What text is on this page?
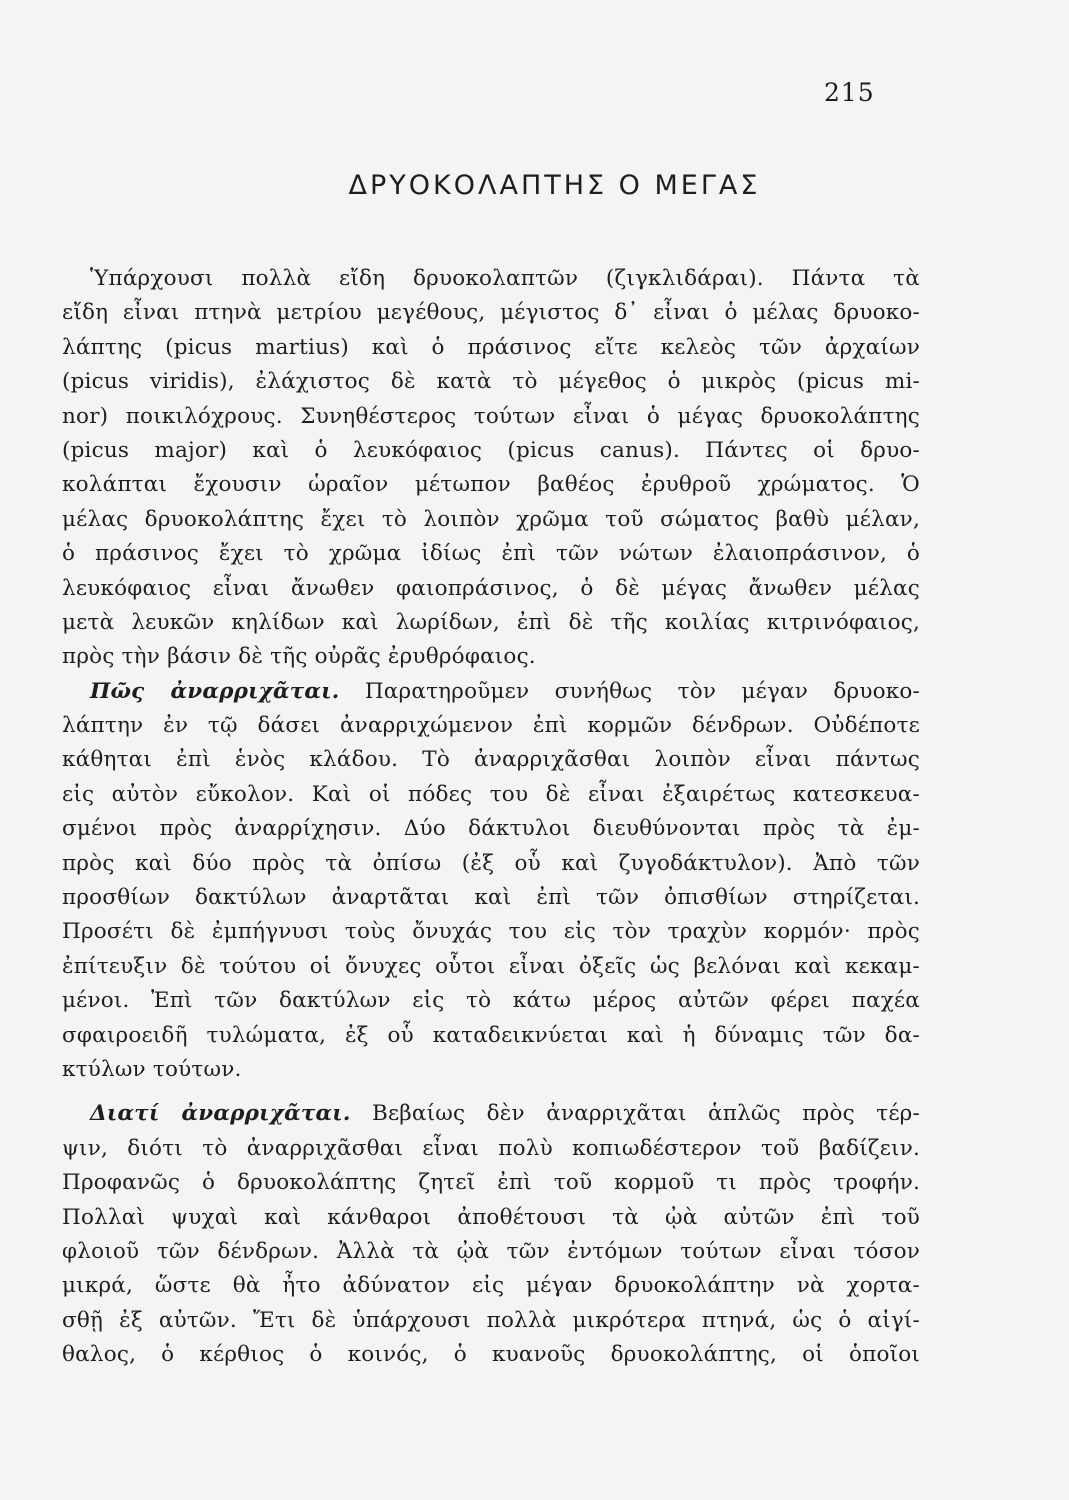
215
ΔΡΥΟΚΟΛΑΠΤΗΣ Ο ΜΕΓΑΣ
Ὑπάρχουσι πολλὰ εἴδη δρυοκολαπτῶν (ζιγκλιδάραι). Πάντα τὰ
εἴδη εἶναι πτηνὰ μετρίου μεγέθους, μέγιστος δ᾽ εἶναι ὁ μέλας δρυοκο-
λάπτης (picus martius) καὶ ὁ πράσινος εἴτε κελεὸς τῶν ἀρχαίων
(picus viridis), ἐλάχιστος δὲ κατὰ τὸ μέγεθος ὁ μικρὸς (picus mi-
nor) ποικιλόχρους. Συνηθέστερος τούτων εἶναι ὁ μέγας δρυοκολάπτης
(picus major) καὶ ὁ λευκόφαιος (picus canus). Πάντες οἱ δρυο-
κολάπται ἔχουσιν ὡραῖον μέτωπον βαθέος ἐρυθροῦ χρώματος. Ὁ
μέλας δρυοκολάπτης ἔχει τὸ λοιπὸν χρῶμα τοῦ σώματος βαθὺ μέλαν,
ὁ πράσινος ἔχει τὸ χρῶμα ἰδίως ἐπὶ τῶν νώτων ἐλαιοπράσινον, ὁ
λευκόφαιος εἶναι ἄνωθεν φαιοπράσινος, ὁ δὲ μέγας ἄνωθεν μέλας
μετὰ λευκῶν κηλίδων καὶ λωρίδων, ἐπὶ δὲ τῆς κοιλίας κιτρινόφαιος,
πρὸς τὴν βάσιν δὲ τῆς οὐρᾶς ἐρυθρόφαιος.
Πῶς ἀναρριχᾶται. Παρατηροῦμεν συνήθως τὸν μέγαν δρυοκο-
λάπτην ἐν τῷ δάσει ἀναρριχώμενον ἐπὶ κορμῶν δένδρων. Οὐδέποτε
κάθηται ἐπὶ ἑνὸς κλάδου. Τὸ ἀναρριχᾶσθαι λοιπὸν εἶναι πάντως
εἰς αὐτὸν εὔκολον. Καὶ οἱ πόδες του δὲ εἶναι ἐξαιρέτως κατεσκευα-
σμένοι πρὸς ἀναρρίχησιν. Δύο δάκτυλοι διευθύνονται πρὸς τὰ ἐμ-
πρὸς καὶ δύο πρὸς τὰ ὀπίσω (ἐξ οὗ καὶ ζυγοδάκτυλον). Ἀπὸ τῶν
προσθίων δακτύλων ἀναρτᾶται καὶ ἐπὶ τῶν ὀπισθίων στηρίζεται.
Προσέτι δὲ ἐμπήγνυσι τοὺς ὄνυχάς του εἰς τὸν τραχὺν κορμόν· πρὸς
ἐπίτευξιν δὲ τούτου οἱ ὄνυχες οὗτοι εἶναι ὀξεῖς ὡς βελόναι καὶ κεκαμ-
μένοι. Ἐπὶ τῶν δακτύλων εἰς τὸ κάτω μέρος αὐτῶν φέρει παχέα
σφαιροειδῆ τυλώματα, ἐξ οὗ καταδεικνύεται καὶ ἡ δύναμις τῶν δα-
κτύλων τούτων.
Διατί ἀναρριχᾶται. Βεβαίως δὲν ἀναρριχᾶται ἁπλῶς πρὸς τέρ-
ψιν, διότι τὸ ἀναρριχᾶσθαι εἶναι πολὺ κοπιωδέστερον τοῦ βαδίζειν.
Προφανῶς ὁ δρυοκολάπτης ζητεῖ ἐπὶ τοῦ κορμοῦ τι πρὸς τροφήν.
Πολλαὶ ψυχαὶ καὶ κάνθαροι ἀποθέτουσι τὰ ᾠὰ αὐτῶν ἐπὶ τοῦ
φλοιοῦ τῶν δένδρων. Ἀλλὰ τὰ ᾠὰ τῶν ἐντόμων τούτων εἶναι τόσον
μικρά, ὥστε θὰ ἦτο ἀδύνατον εἰς μέγαν δρυοκολάπτην νὰ χορτα-
σθῇ ἐξ αὐτῶν. Ἔτι δὲ ὑπάρχουσι πολλὰ μικρότερα πτηνά, ὡς ὁ αἰγί-
θαλος, ὁ κέρθιος ὁ κοινός, ὁ κυανοῦς δρυοκολάπτης, οἱ ὁποῖοι
